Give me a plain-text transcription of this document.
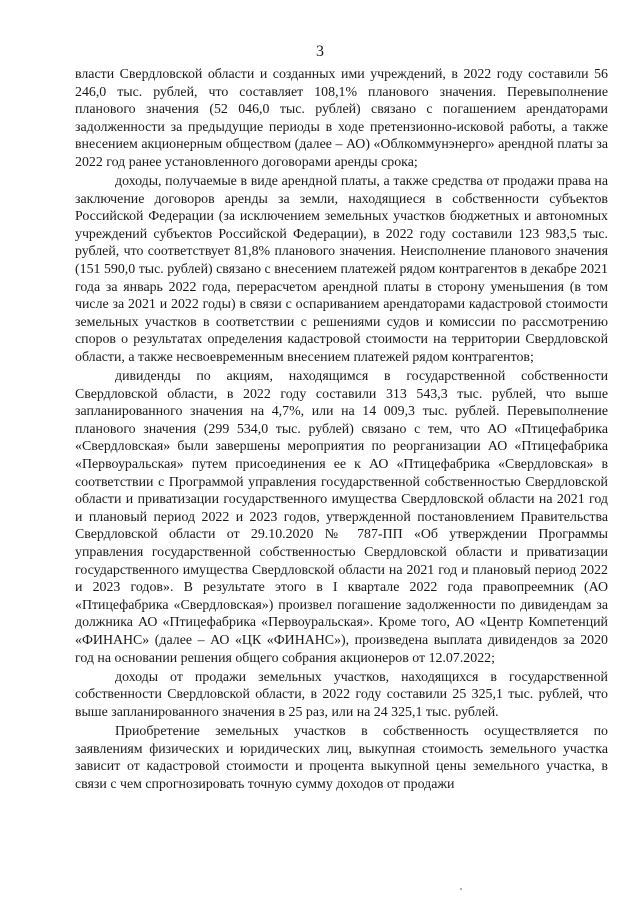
3

власти Свердловской области и созданных ими учреждений, в 2022 году составили 56 246,0 тыс. рублей, что составляет 108,1% планового значения. Перевыполнение планового значения (52 046,0 тыс. рублей) связано с погашением арендаторами задолженности за предыдущие периоды в ходе претензионно-исковой работы, а также внесением акционерным обществом (далее – АО) «Облкоммунэнерго» арендной платы за 2022 год ранее установленного договорами аренды срока;

доходы, получаемые в виде арендной платы, а также средства от продажи права на заключение договоров аренды за земли, находящиеся в собственности субъектов Российской Федерации (за исключением земельных участков бюджетных и автономных учреждений субъектов Российской Федерации), в 2022 году составили 123 983,5 тыс. рублей, что соответствует 81,8% планового значения. Неисполнение планового значения (151 590,0 тыс. рублей) связано с внесением платежей рядом контрагентов в декабре 2021 года за январь 2022 года, перерасчетом арендной платы в сторону уменьшения (в том числе за 2021 и 2022 годы) в связи с оспариванием арендаторами кадастровой стоимости земельных участков в соответствии с решениями судов и комиссии по рассмотрению споров о результатах определения кадастровой стоимости на территории Свердловской области, а также несвоевременным внесением платежей рядом контрагентов;

дивиденды по акциям, находящимся в государственной собственности Свердловской области, в 2022 году составили 313 543,3 тыс. рублей, что выше запланированного значения на 4,7%, или на 14 009,3 тыс. рублей. Перевыполнение планового значения (299 534,0 тыс. рублей) связано с тем, что АО «Птицефабрика «Свердловская» были завершены мероприятия по реорганизации АО «Птицефабрика «Первоуральская» путем присоединения ее к АО «Птицефабрика «Свердловская» в соответствии с Программой управления государственной собственностью Свердловской области и приватизации государственного имущества Свердловской области на 2021 год и плановый период 2022 и 2023 годов, утвержденной постановлением Правительства Свердловской области от 29.10.2020 № 787-ПП «Об утверждении Программы управления государственной собственностью Свердловской области и приватизации государственного имущества Свердловской области на 2021 год и плановый период 2022 и 2023 годов». В результате этого в I квартале 2022 года правопреемник (АО «Птицефабрика «Свердловская») произвел погашение задолженности по дивидендам за должника АО «Птицефабрика «Первоуральская». Кроме того, АО «Центр Компетенций «ФИНАНС» (далее – АО «ЦК «ФИНАНС»), произведена выплата дивидендов за 2020 год на основании решения общего собрания акционеров от 12.07.2022;

доходы от продажи земельных участков, находящихся в государственной собственности Свердловской области, в 2022 году составили 25 325,1 тыс. рублей, что выше запланированного значения в 25 раз, или на 24 325,1 тыс. рублей.

Приобретение земельных участков в собственность осуществляется по заявлениям физических и юридических лиц, выкупная стоимость земельного участка зависит от кадастровой стоимости и процента выкупной цены земельного участка, в связи с чем спрогнозировать точную сумму доходов от продажи
